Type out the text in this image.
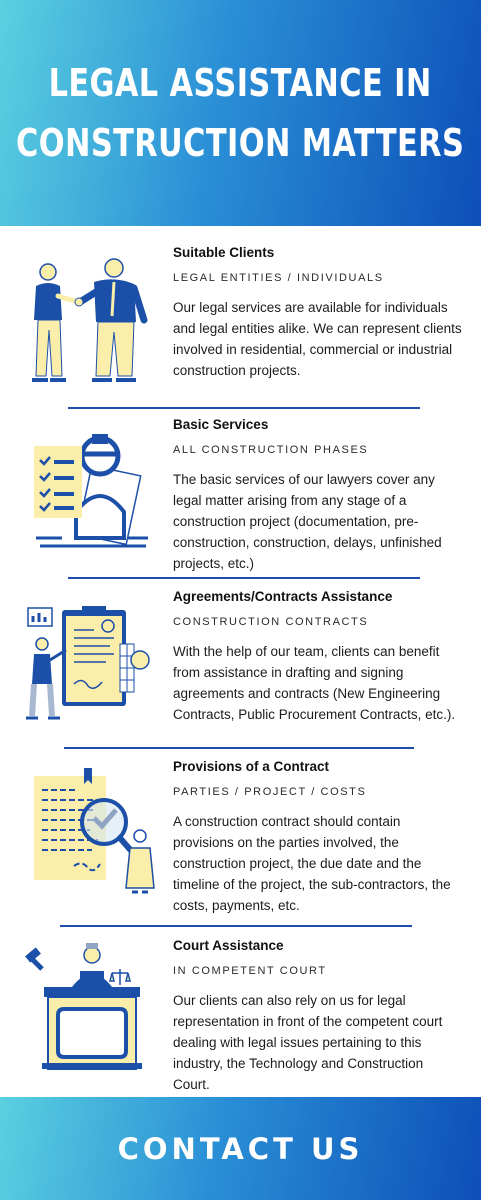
LEGAL ASSISTANCE IN
CONSTRUCTION MATTERS
Suitable Clients
LEGAL ENTITIES / INDIVIDUALS
Our legal services are available for individuals and legal entities alike. We can represent clients involved in residential, commercial or industrial construction projects.
Basic Services
ALL CONSTRUCTION PHASES
The basic services of our lawyers cover any legal matter arising from any stage of a construction project (documentation, pre-construction, construction, delays, unfinished projects, etc.)
Agreements/Contracts Assistance
CONSTRUCTION CONTRACTS
With the help of our team, clients can benefit from assistance in drafting and signing agreements and contracts (New Engineering Contracts, Public Procurement Contracts, etc.).
Provisions of a Contract
PARTIES / PROJECT / COSTS
A construction contract should contain provisions on the parties involved, the construction project, the due date and the timeline of the project, the sub-contractors, the costs, payments, etc.
Court Assistance
IN COMPETENT COURT
Our clients can also rely on us for legal representation in front of the competent court dealing with legal issues pertaining to this industry, the Technology and Construction Court.
CONTACT US
